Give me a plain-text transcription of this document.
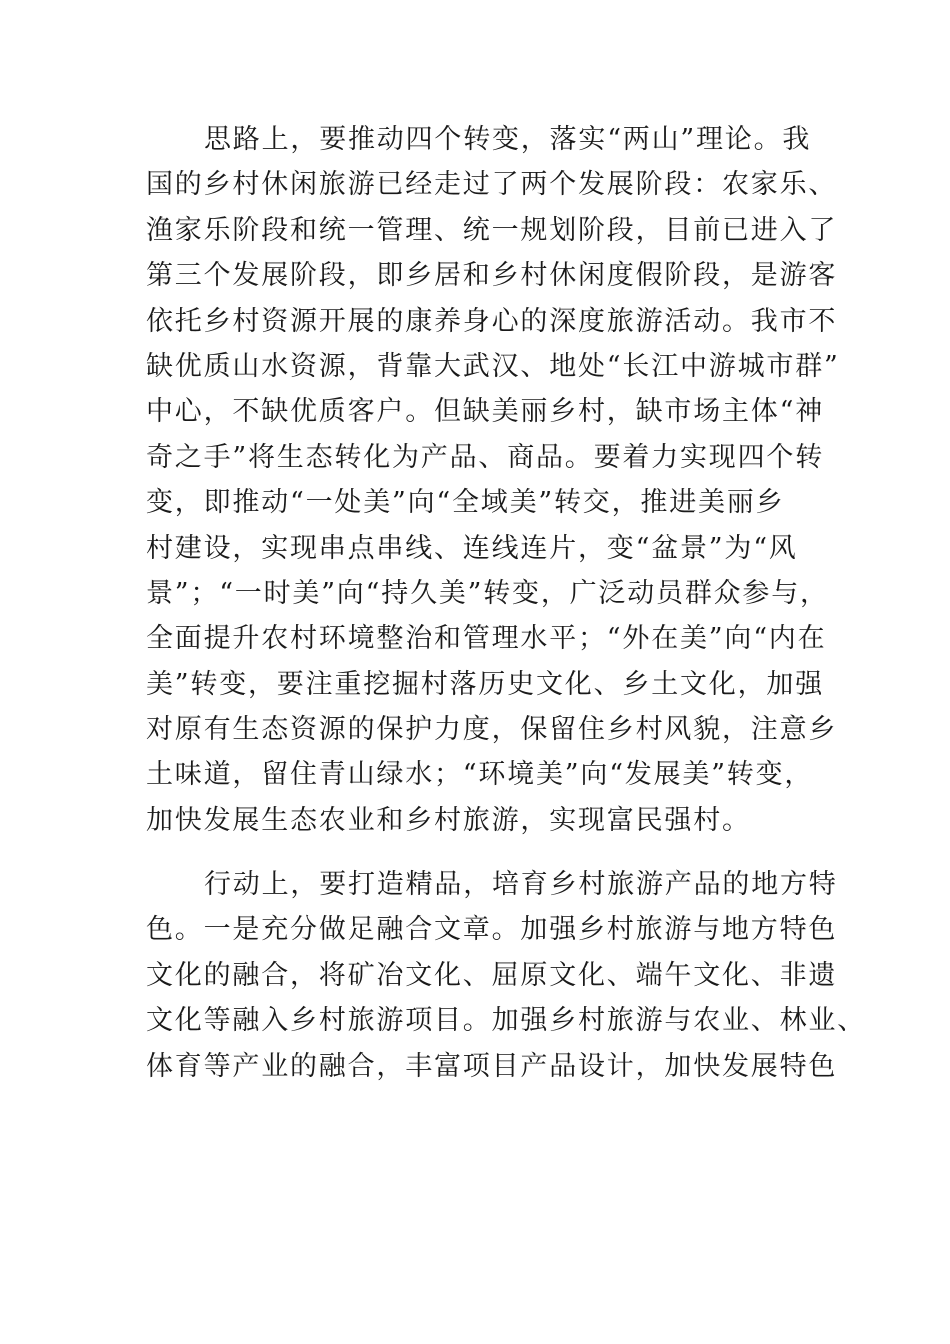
思路上，要推动四个转变，落实“两山”理论。我
国的乡村休闲旅游已经走过了两个发展阶段：农家乐、
渔家乐阶段和统一管理、统一规划阶段，目前已进入了
第三个发展阶段，即乡居和乡村休闲度假阶段，是游客
依托乡村资源开展的康养身心的深度旅游活动。我市不
缺优质山水资源，背靠大武汉、地处“长江中游城市群”
中心，不缺优质客户。但缺美丽乡村，缺市场主体“神
奇之手”将生态转化为产品、商品。要着力实现四个转
变，即推动“一处美”向“全域美”转交，推进美丽乡
村建设，实现串点串线、连线连片，变“盆景”为“风
景”；“一时美”向“持久美”转变，广泛动员群众参与，
全面提升农村环境整治和管理水平；“外在美”向“内在
美”转变，要注重挖掘村落历史文化、乡土文化，加强
对原有生态资源的保护力度，保留住乡村风貌，注意乡
土味道，留住青山绿水；“环境美”向“发展美”转变，
加快发展生态农业和乡村旅游，实现富民强村。
行动上，要打造精品，培育乡村旅游产品的地方特
色。一是充分做足融合文章。加强乡村旅游与地方特色
文化的融合，将矿冶文化、屈原文化、端午文化、非遗
文化等融入乡村旅游项目。加强乡村旅游与农业、林业、
体育等产业的融合，丰富项目产品设计，加快发展特色
